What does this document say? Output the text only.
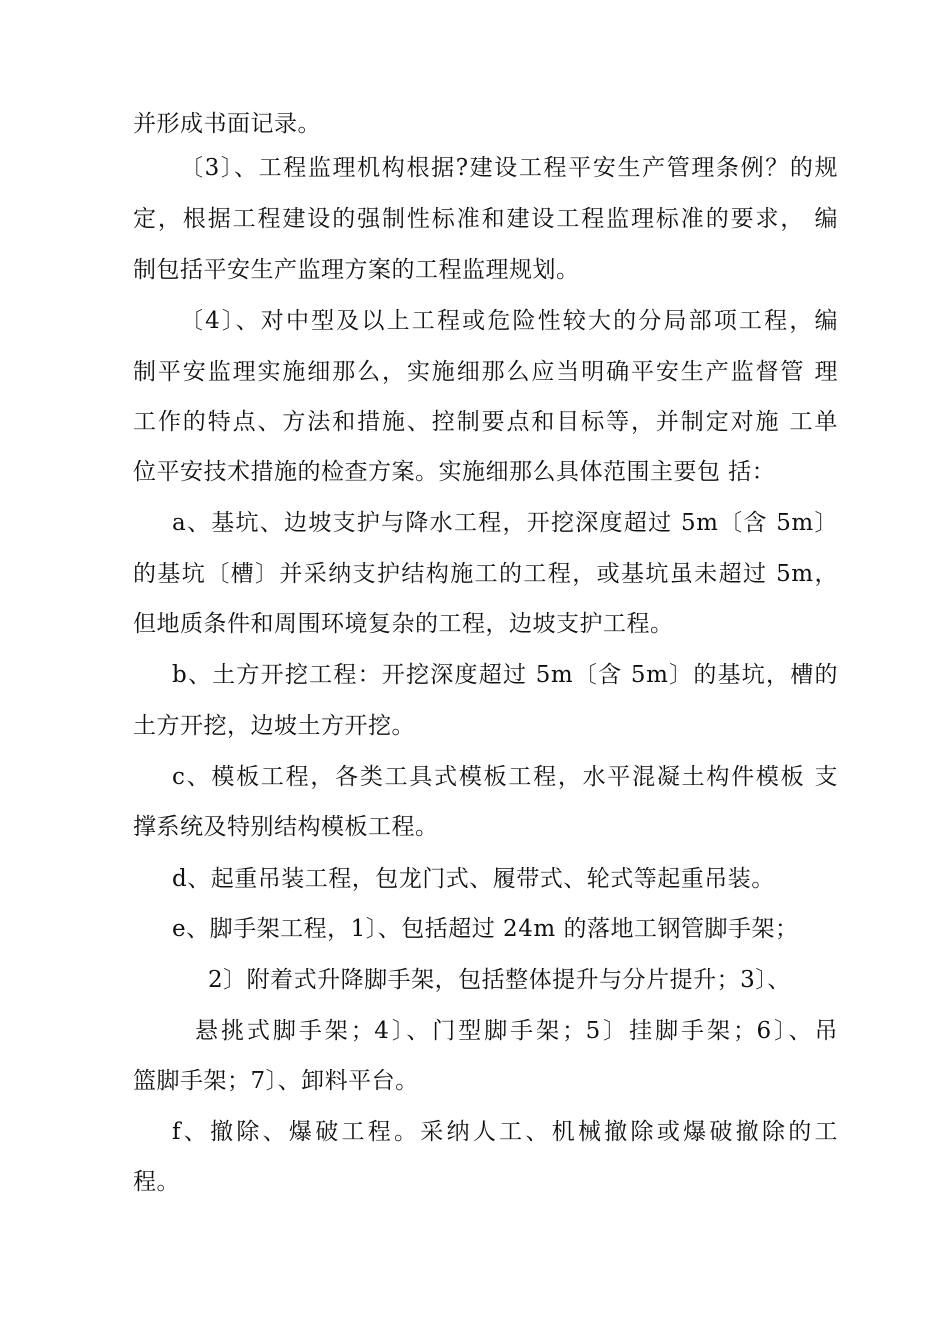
并形成书面记录。
〔3〕、工程监理机构根据?建设工程平安生产管理条例？的规
定，根据工程建设的强制性标准和建设工程监理标准的要求， 编
制包括平安生产监理方案的工程监理规划。
〔4〕、对中型及以上工程或危险性较大的分局部项工程，编
制平安监理实施细那么，实施细那么应当明确平安生产监督管 理
工作的特点、方法和措施、控制要点和目标等，并制定对施 工单
位平安技术措施的检查方案。实施细那么具体范围主要包 括：
a、基坑、边坡支护与降水工程，开挖深度超过 5m〔含 5m〕
的基坑〔槽〕并采纳支护结构施工的工程，或基坑虽未超过 5m，
但地质条件和周围环境复杂的工程，边坡支护工程。
b、土方开挖工程：开挖深度超过 5m〔含 5m〕的基坑，槽的
土方开挖，边坡土方开挖。
c、模板工程，各类工具式模板工程，水平混凝土构件模板 支
撑系统及特别结构模板工程。
d、起重吊装工程，包龙门式、履带式、轮式等起重吊装。
e、脚手架工程，1〕、包括超过 24m 的落地工钢管脚手架；
2〕附着式升降脚手架，包括整体提升与分片提升；3〕、
悬挑式脚手架；4〕、门型脚手架；5〕挂脚手架；6〕、吊
篮脚手架；7〕、卸料平台。
f、撤除、爆破工程。采纳人工、机械撤除或爆破撤除的工
程。
